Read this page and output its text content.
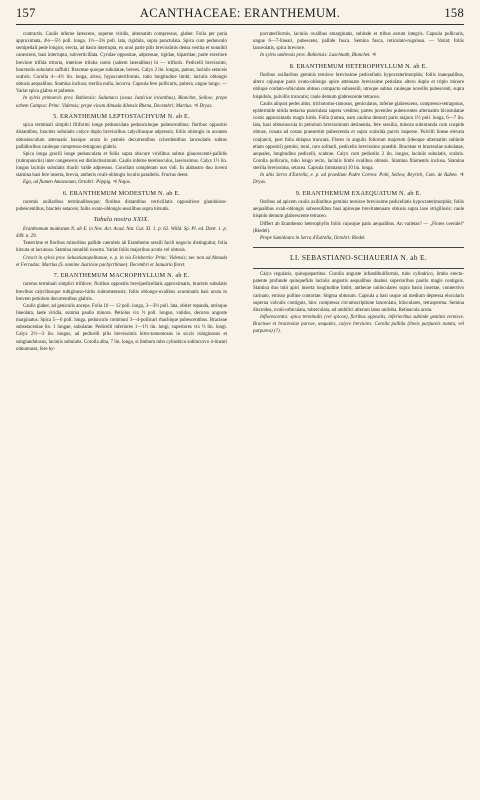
157	ACANTHACEAE: ERANTHEMUM.	158

contractis. Caulis inferne latescens, superne viridis, alternatim compressus, glaber. Folia per paria approximata, 4⅛—5½ poll. longa, 1½—2⅛ poll. lata, rigidula, supra punctulata. Spica cum pedunculo semipedali pede longior, erecta, ad basin interrupta, ex unoi parte pilis brevissimis densa vestita et nonnihil canescens, basi interrupta, subverticillata. Cyrulae oppositae, adpressae, rigidae, bipartitae, parte exteriore breviore trifida tritorta, interiore triloba ramis (saltem lateralibus) bi — triflorís. Pedicelli brevissimi, bracteolis subulatis suffulti. Bracteae quoque subulatae, breves. Calyx 2 lin. longus, patens, laciniis setaceis scabris. Corolla 4—4½ lin. longa, alvea, hypocrateriformis, tubo longitudine limbi; laciniis oblongis obtusis aequalibus. Stamina inclusa; sterilia nulla, incurva. Capsula fere pollicaris, pubera, ungue longo. — Variat spica glabra et pubente.

In sylvis primaevis prov. Bahiensis: Salumaca (sosus Justiciae incanthus), Blanchet, Sellow; prope urbem Campos: Princ. Vidensis; prope vicum Almada dilensis Rhena, Decembri; Martius. ♃ Dryas.

5. ERANTHEMUM LEPTOSTACHYUM N. ab E.

spica terminali simplici filiformi longe pedunculata pedunculoque pubescentibus; floribus oppositis distantibus, bracteis subulatis calyce duplo brevioribus calycibusque adpressis; foliis oblongis in acumen obtusiusculum attenuatis basique acuta in petiole decurrentibus ccherdentibus lanceolatis subtus pallidioribus cauleque compresso-tetragono glabris.

Spica longa gracili longe pedunculata et foliis supra obscure viridibus subtus glaucescenti-pallidis (rubropunctis) inter congeneros est distinctissimum. Caulis inferne teretiusculus, laevissimus. Calyx 1½ lin. longus laciniis subulatis rhachi valde adpressus. Corollam completam non vidi. In alabastro duo inveni stamina basi fere inserta, brevia, antheris ovali-oblongis loculis parallelis. Fructus deest.

Ega, ad flumen Amazonum, Octobri: Pöppig. ♃ Najas.

6. ERANTHEMUM MODESTUM N. ab E.

racemis axillaribus terminalibusque; floribus distantibus verticillatis oppositisve glanduloso-pubescentibus, bracteis setaceis; foliis ovato-oblongis sessilibus supra hirsutis.

Tabula nostra XXIX.

Eranthemum modestum N. ab E. in Nov. Act. Acad. Nat. Cur. XI. 1. p. 62. Willd. Sp. Pl. ed. Dietr. 1. p. 449. n. 29.

Tenerrime et floribus minoribus pallide caeruleis ab Eranthemo sessili facili negocio distinguitur, folia hirsuta ut lacunosa. Stamina nonnihil exserta. Variat foliis majoribus acutis vel obtusis.

Crescit in sylvis prov. Sebastianopolitanae, e. p. in via Felsbertio: Princ. Vidensis; nec non ad Almada et Ferradas: Martius (S. nomine Justiciae pachyrrhinae). Decembri et Januario floret.

7. ERANTHEMUM MACROPHYLLUM N. ab E.

racemo terminali simplici trifdove; floribus oppositis brevipedicellatis approximatis, bracteis subulatis brevibus calycibusque rubiginoso-hirtis subtomentosis; foliis oblongo-ovalibus acuminatis basi acuta in brevem petiolum decurrentibus glabris.

Caulis glaber, ad geniculis anceps. Folia 10 — 12 poll. longa, 3—3½ poll. lata, obiter repanda, utrinque lineolata, laete viridia, summa paullo minora. Petiolus vix ½ poll. longus, validus, decursu anguste marginatus. Spica 5—6 poll. longa, pedunculo communi 3—4-pollicari rhachique pubescentibus. Bracteae subsetaceolae lin. 1 longae, subulatae. Pedicelli inferiores 1—1½ lin. longi, superiores vix ½ lin. longi. Calyx 2½—3 lin. longus, ad pedicelli pilis brevissimis hirto-tomentosus in siccis rubiginosus et subglandulosus, laciniis subulatis. Corolla alba, 7 lin. longa, si limbum tubo cylindrico subincurvo 4-lineari oduumaras, fere hy-

pocrateriformis, laciniis ovalibus emarginatis, subinde et tribus earum integris. Capsula pollicaris, ungue 6—7-lineari, pubescens, pallide fusca. Semina fusca, reticulato-rugulosa. — Variat: foliis lanceolatis, spica breviore.

In sylvis umbrosis prov. Bahiensis: Laschnath, Blanchet. ♃

8. ERANTHEMUM HETEROPHYLLUM N. ab E.

floribus axillaribus geminis ternisve brevissime pedicellatis hypocraterimorphis; foliis inaequalibus, altero cujusque paris ovato-oblongo apice attenuato brevissime petiolato altero duplo et triplo minore oblique cordato-orbiculato obtuso compacto subsessili, utroque subtus cauleque novellis pubescenti, supra hispidulo, pulvillis truncatis; caule demum glabrescente tetraceo.

Caulis aliquot pedes altus, trichotomo-ramosus, geniculatus, inferne glabrescens, compresso-tetragonus, epidermide nitida testacea punctulata supera vestitus; partes juveniles pubescentes alternatim bicostulatae costis approximatis magis hirtis. Folia (ramea, nam caulina desunt) paris majora 1½ poll. longa, 6—7 lin. lata, basi obtusiuscula in petiolum brevissimum desinentia, fere sessilia, minora subrotunda cum cuspide obtuse, conata ad costas praesertim pubescentia et supra scabrida parvis insperse. Pulvilli lineae elevata conjuncti, post folia delapsa truncata. Flores in angulis foliorum majorum (ideoque alternatim subinde etiam oppositi) gemini, terni, raro solitarii, pedicello brevissimo praediti. Bracteae et bracteolae subulatae, aequales, longitudino pedicelli, scabrae. Calyx cum pedicello 2 lin. longus, laciniis subulatis, scabris. Corolla pollicaris, tubo longo recto, laciniis limbi ovalibus obtusis. Stamina filamentis inclusa. Stamina sterilia brevissima, setacea. Capsula (immatura) 10 lin. longa.

In altis Serra d'Estrella, e. p. ad praedium Padre Correa: Pohl, Sellow, Beyrich, Com. de Raben. ♃ Dryas.

9. ERANTHEMUM EXAEQUATUM N. ab E.

floribus ad apicem caulis axillaribus geminis ternisve brevissime pedicellatis hypocraterimorphis; foliis aequalibus ovali-oblongis subsessilibus basi apiceque brevitatenuato obtusis supra laxe strigillosis; caule hispido demum glabrescente tetraceo.

Differt ab Eranthemo heterophyllo foliis cujusque paris aequalibus. An varietas? — „Flores coerulei“ (Riedel).

Prope Sumidouro in Serra d'Estrella, Octobri: Riedel.

LI. SEBASTIANO-SCHAUERIA N. ab E.

Calyx regularis, quinquepartitus. Corolla anguste infundibuliformis, tubo cylindrico, limbo erecto-patente profunde quinquefido laciniis angustis aequalibus duabus superioribus paullo magis contiguis. Stamina duo tubi apici inserta longitudine limbi; antherae uniloculares supra basin insertae, connectivo carinato, emisso polline contortae. Stigma obtusum. Capsula a basi usque ad medium depressa elocularis superna valvulis contiguis, hinc compressa circumscriptione lanceolata, biloculares, tetrasperma. Semina discoidea, ovali-orbiculata, tuberculata, ad umbilici alterum latus uniloba. Retinacula acuta.

Inflorescentia: spica terminalis (vel spicae), floribus oppositis, inferioribus subinde geminis ternisve. Bracteae et bracteolae parvae, aequales, calyce breviores. Corolla pallida (lineis purpureis notata, vel purpurea) (?).
